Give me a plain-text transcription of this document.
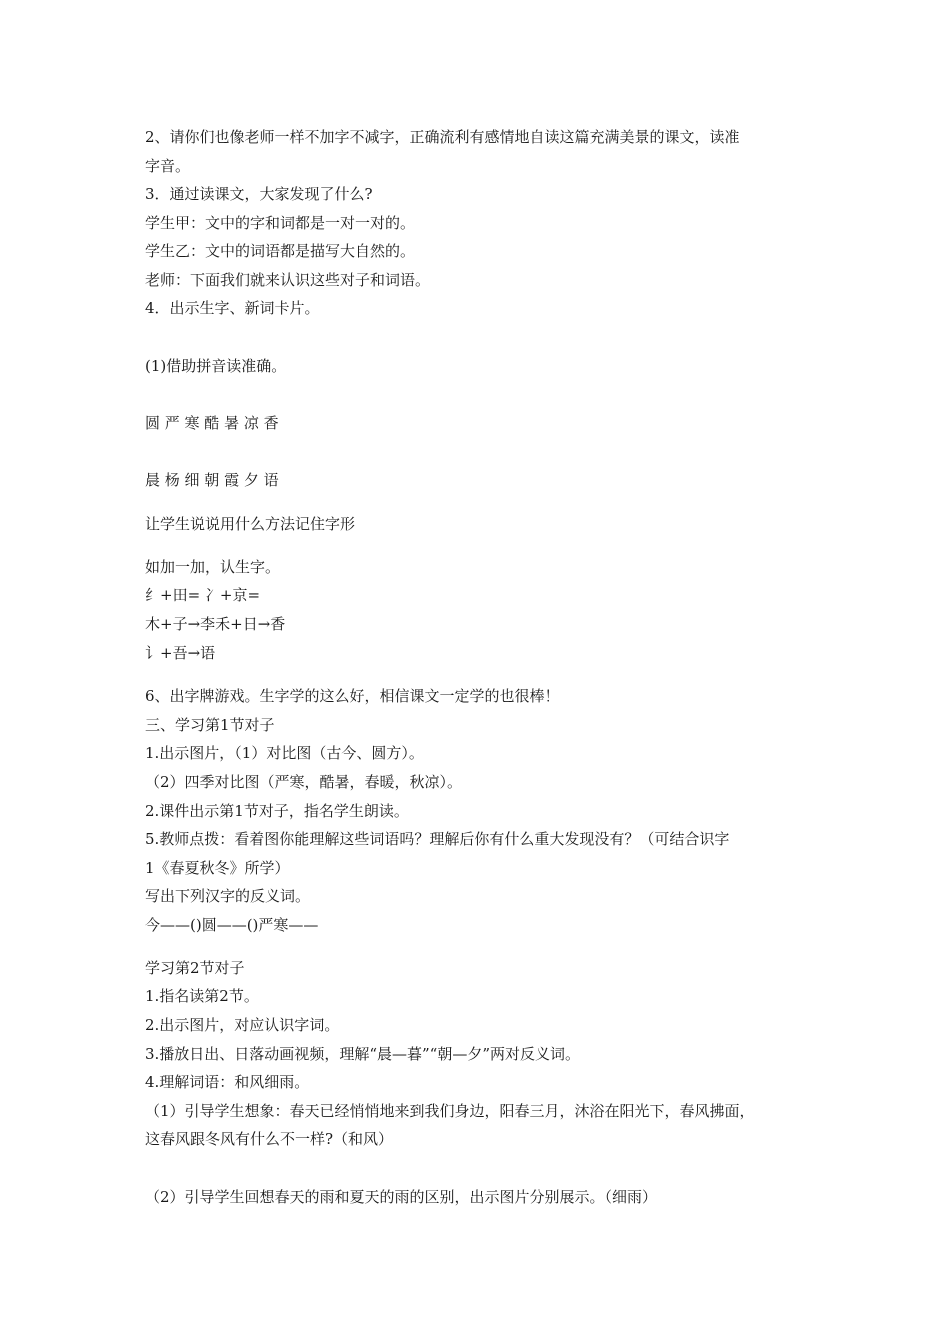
2、请你们也像老师一样不加字不减字，正确流利有感情地自读这篇充满美景的课文，读准
字音。
3．通过读课文，大家发现了什么?
学生甲：文中的字和词都是一对一对的。
学生乙：文中的词语都是描写大自然的。
老师：下面我们就来认识这些对子和词语。
4．出示生字、新词卡片。
(1)借助拼音读准确。
圆 严 寒 酷 暑 凉 香
晨 杨 细 朝 霞 夕 语
让学生说说用什么方法记住字形
如加一加，认生字。
纟+田= 冫+京=
木+子→李禾+日→香
讠+吾→语
6、出字牌游戏。生字学的这么好，相信课文一定学的也很棒！
三、学习第1节对子
1.出示图片，（1）对比图（古今、圆方）。
（2）四季对比图（严寒，酷暑，春暖，秋凉）。
2.课件出示第1节对子，指名学生朗读。
5.教师点拨：看着图你能理解这些词语吗？理解后你有什么重大发现没有？（可结合识字
1《春夏秋冬》所学）
写出下列汉字的反义词。
今——()圆——()严寒——
学习第2节对子
1.指名读第2节。
2.出示图片，对应认识字词。
3.播放日出、日落动画视频，理解“晨—暮”“朝—夕”两对反义词。
4.理解词语：和风细雨。
（1）引导学生想象：春天已经悄悄地来到我们身边，阳春三月，沐浴在阳光下，春风拂面，
这春风跟冬风有什么不一样?（和风）
（2）引导学生回想春天的雨和夏天的雨的区别，出示图片分别展示。（细雨）
